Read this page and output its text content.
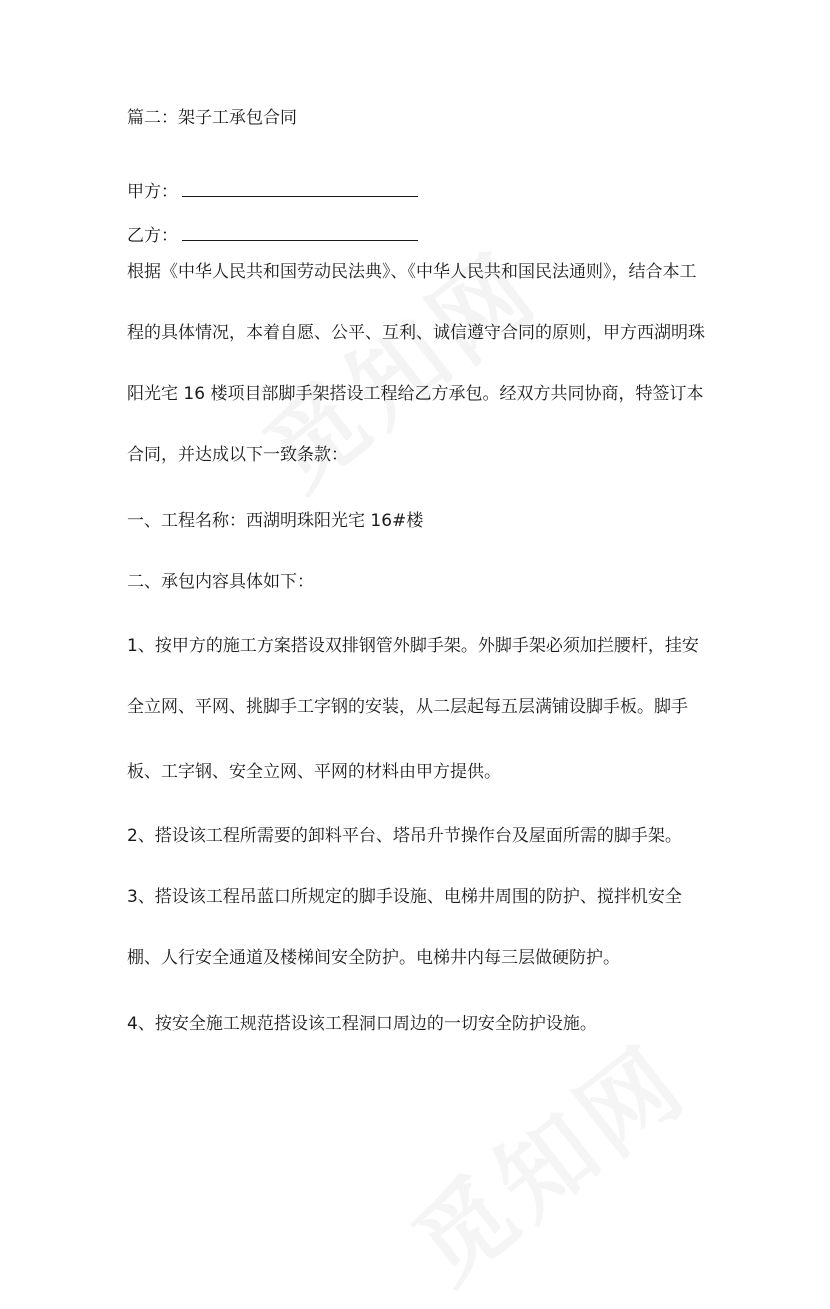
篇二：架子工承包合同
甲方：
乙方：
根据《中华人民共和国劳动民法典》、《中华人民共和国民法通则》，结合本工
程的具体情况，本着自愿、公平、互利、诚信遵守合同的原则，甲方西湖明珠
阳光宅 16 楼项目部脚手架搭设工程给乙方承包。经双方共同协商，特签订本
合同，并达成以下一致条款：
一、工程名称：西湖明珠阳光宅 16#楼
二、承包内容具体如下：
1、按甲方的施工方案搭设双排钢管外脚手架。外脚手架必须加拦腰杆，挂安
全立网、平网、挑脚手工字钢的安装，从二层起每五层满铺设脚手板。脚手
板、工字钢、安全立网、平网的材料由甲方提供。
2、搭设该工程所需要的卸料平台、塔吊升节操作台及屋面所需的脚手架。
3、搭设该工程吊蓝口所规定的脚手设施、电梯井周围的防护、搅拌机安全
棚、人行安全通道及楼梯间安全防护。电梯井内每三层做硬防护。
4、按安全施工规范搭设该工程洞口周边的一切安全防护设施。
